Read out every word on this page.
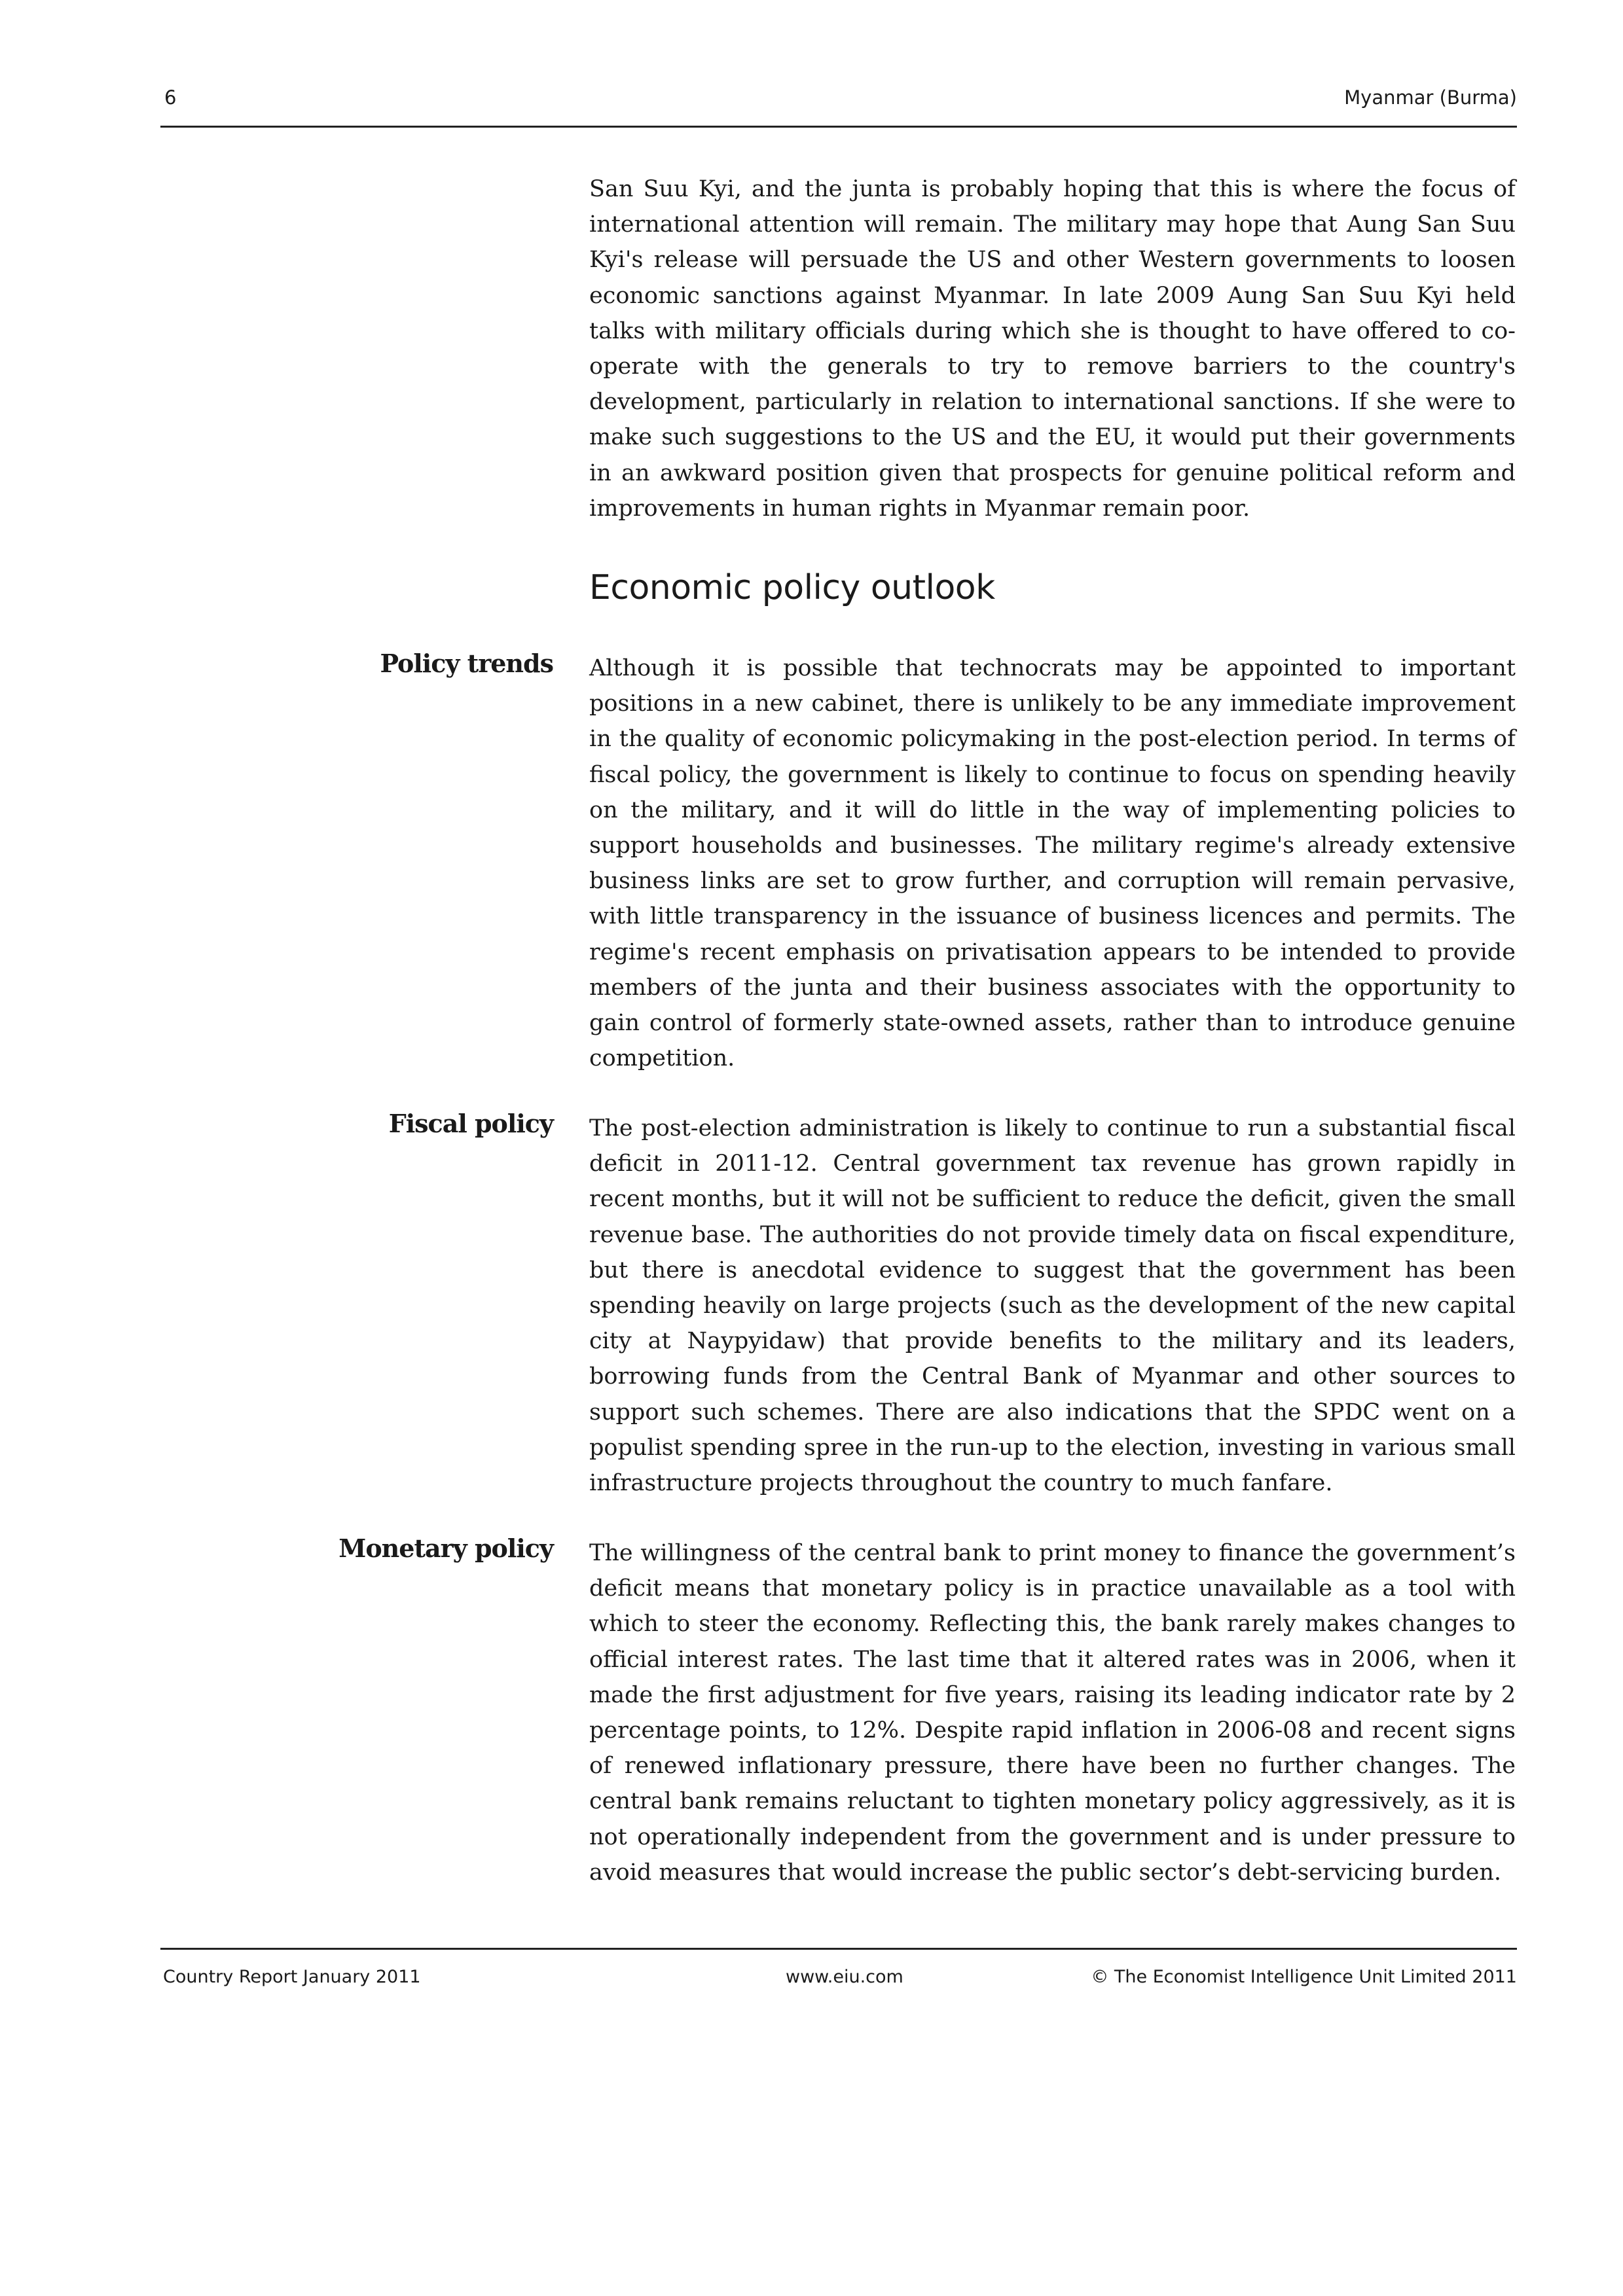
6	Myanmar (Burma)

San Suu Kyi, and the junta is probably hoping that this is where the focus of international attention will remain. The military may hope that Aung San Suu Kyi's release will persuade the US and other Western governments to loosen economic sanctions against Myanmar. In late 2009 Aung San Suu Kyi held talks with military officials during which she is thought to have offered to co-operate with the generals to try to remove barriers to the country's development, particularly in relation to international sanctions. If she were to make such suggestions to the US and the EU, it would put their governments in an awkward position given that prospects for genuine political reform and improvements in human rights in Myanmar remain poor.

Economic policy outlook
Policy trends Although it is possible that technocrats may be appointed to important positions in a new cabinet, there is unlikely to be any immediate improvement in the quality of economic policymaking in the post-election period. In terms of fiscal policy, the government is likely to continue to focus on spending heavily on the military, and it will do little in the way of implementing policies to support households and businesses. The military regime's already extensive business links are set to grow further, and corruption will remain pervasive, with little transparency in the issuance of business licences and permits. The regime's recent emphasis on privatisation appears to be intended to provide members of the junta and their business associates with the opportunity to gain control of formerly state-owned assets, rather than to introduce genuine competition.

Fiscal policy The post-election administration is likely to continue to run a substantial fiscal deficit in 2011-12. Central government tax revenue has grown rapidly in recent months, but it will not be sufficient to reduce the deficit, given the small revenue base. The authorities do not provide timely data on fiscal expenditure, but there is anecdotal evidence to suggest that the government has been spending heavily on large projects (such as the development of the new capital city at Naypyidaw) that provide benefits to the military and its leaders, borrowing funds from the Central Bank of Myanmar and other sources to support such schemes. There are also indications that the SPDC went on a populist spending spree in the run-up to the election, investing in various small infrastructure projects throughout the country to much fanfare.

Monetary policy The willingness of the central bank to print money to finance the government’s deficit means that monetary policy is in practice unavailable as a tool with which to steer the economy. Reflecting this, the bank rarely makes changes to official interest rates. The last time that it altered rates was in 2006, when it made the first adjustment for five years, raising its leading indicator rate by 2 percentage points, to 12%. Despite rapid inflation in 2006-08 and recent signs of renewed inflationary pressure, there have been no further changes. The central bank remains reluctant to tighten monetary policy aggressively, as it is not operationally independent from the government and is under pressure to avoid measures that would increase the public sector’s debt-servicing burden.

Country Report January 2011	www.eiu.com	© The Economist Intelligence Unit Limited 2011
